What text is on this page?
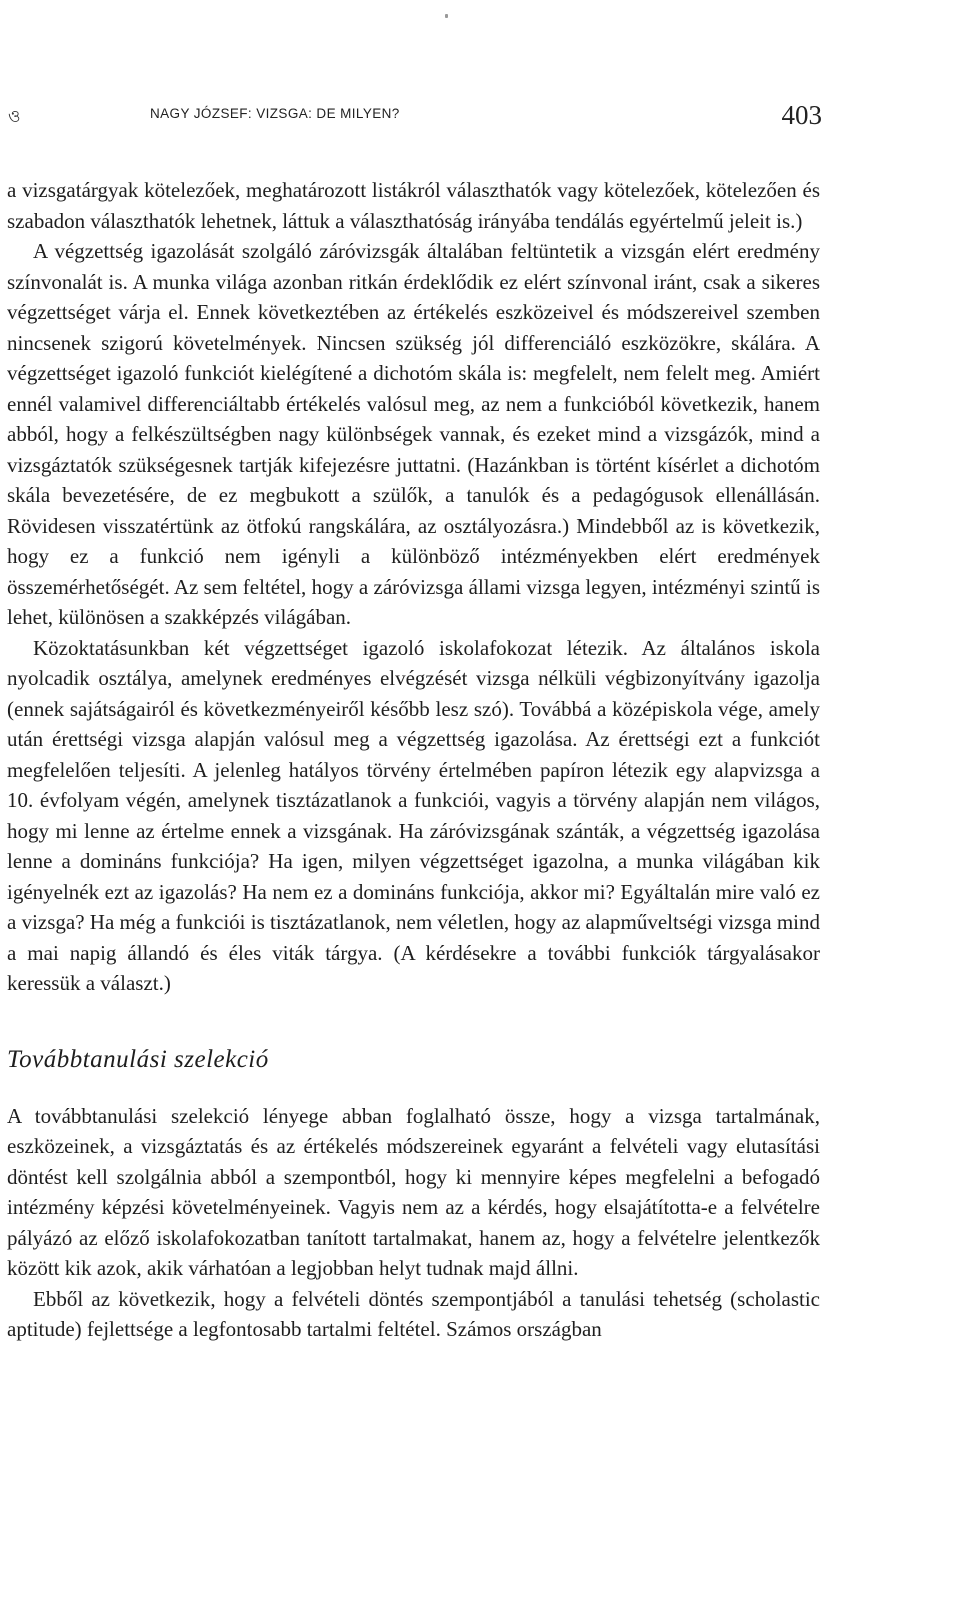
ও	NAGY JÓZSEF: VIZSGA: DE MILYEN?	403

a vizsgatárgyak kötelezőek, meghatározott listákról választhatók vagy kötelezőek, kötelezően és szabadon választhatók lehetnek, láttuk a választhatóság irányába tendálás egyértelmű jeleit is.)

A végzettség igazolását szolgáló záróvizsgák általában feltüntetik a vizsgán elért eredmény színvonalát is. A munka világa azonban ritkán érdeklődik ez elért színvonal iránt, csak a sikeres végzettséget várja el. Ennek következtében az értékelés eszközeivel és módszereivel szemben nincsenek szigorú követelmények. Nincsen szükség jól differenciáló eszközökre, skálára. A végzettséget igazoló funkciót kielégítené a dichotóm skála is: megfelelt, nem felelt meg. Amiért ennél valamivel differenciáltabb értékelés valósul meg, az nem a funkcióból következik, hanem abból, hogy a felkészültségben nagy különbségek vannak, és ezeket mind a vizsgázók, mind a vizsgáztatók szükségesnek tartják kifejezésre juttatni. (Hazánkban is történt kísérlet a dichotóm skála bevezetésére, de ez megbukott a szülők, a tanulók és a pedagógusok ellenállásán. Rövidesen visszatértünk az ötfokú rangskálára, az osztályozásra.) Mindebből az is következik, hogy ez a funkció nem igényli a különböző intézményekben elért eredmények összemérhetőségét. Az sem feltétel, hogy a záróvizsga állami vizsga legyen, intézményi szintű is lehet, különösen a szakképzés világában.

Közoktatásunkban két végzettséget igazoló iskolafokozat létezik. Az általános iskola nyolcadik osztálya, amelynek eredményes elvégzését vizsga nélküli végbizonyítvány igazolja (ennek sajátságairól és következményeiről később lesz szó). Továbbá a középiskola vége, amely után érettségi vizsga alapján valósul meg a végzettség igazolása. Az érettségi ezt a funkciót megfelelően teljesíti. A jelenleg hatályos törvény értelmében papíron létezik egy alapvizsga a 10. évfolyam végén, amelynek tisztázatlanok a funkciói, vagyis a törvény alapján nem világos, hogy mi lenne az értelme ennek a vizsgának. Ha záróvizsgának szánták, a végzettség igazolása lenne a domináns funkciója? Ha igen, milyen végzettséget igazolna, a munka világában kik igényelnék ezt az igazolás? Ha nem ez a domináns funkciója, akkor mi? Egyáltalán mire való ez a vizsga? Ha még a funkciói is tisztázatlanok, nem véletlen, hogy az alapműveltségi vizsga mind a mai napig állandó és éles viták tárgya. (A kérdésekre a további funkciók tárgyalásakor keressük a választ.)

Továbbtanulási szelekció

A továbbtanulási szelekció lényege abban foglalható össze, hogy a vizsga tartalmának, eszközeinek, a vizsgáztatás és az értékelés módszereinek egyaránt a felvételi vagy elutasítási döntést kell szolgálnia abból a szempontból, hogy ki mennyire képes megfelelni a befogadó intézmény képzési követelményeinek. Vagyis nem az a kérdés, hogy elsajátította-e a felvételre pályázó az előző iskolafokozatban tanított tartalmakat, hanem az, hogy a felvételre jelentkezők között kik azok, akik várhatóan a legjobban helyt tudnak majd állni.

Ebből az következik, hogy a felvételi döntés szempontjából a tanulási tehetség (scholastic aptitude) fejlettsége a legfontosabb tartalmi feltétel. Számos országban
